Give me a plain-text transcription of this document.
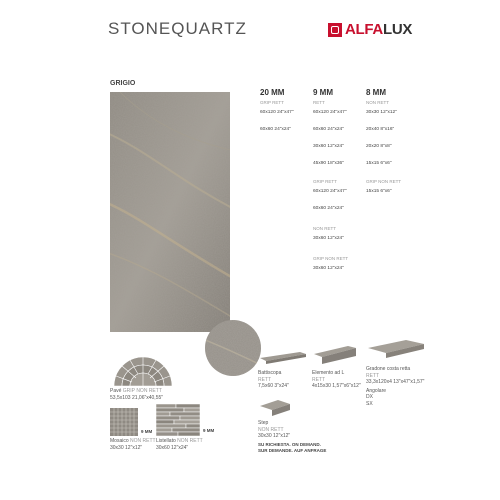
STONEQUARTZ	ALFALUX
GRIGIO
20 MM
GRIP RETT
60x120 24"x47"
60x60 24"x24"
9 MM
RETT
60x120 24"x47"
60x60 24"x24"
30x60 12"x24"
45x90 18"x36"
GRIP RETT
60x120 24"x47"
60x60 24"x24"
NON RETT
30x60 12"x24"
GRIP NON RETT
30x60 12"x24"
8 MM
NON RETT
30x30 12"x12"
20x40 8"x16"
20x20 8"x8"
15x15 6"x6"
GRIP NON RETT
15x15 6"x6"
Pavé GRIP NON RETT
53,5x103 21,06"x40,55"
Battiscopa
RETT
7,5x60 3"x24"
Elemento ad L
RETT
4x15x30 1,57"x6"x12"
Gradone costa retta
RETT
33,3x120x4 13"x47"x1,57"
Angolare
DX
SX
9 MM
Mosaico NON RETT
30x30 12"x12"
9 MM
Listellato NON RETT
30x60 12"x24"
Step
NON RETT
30x30 12"x12"
SU RICHIESTA. ON DEMAND.
SUR DEMANDE. AUF ANFRAGE
